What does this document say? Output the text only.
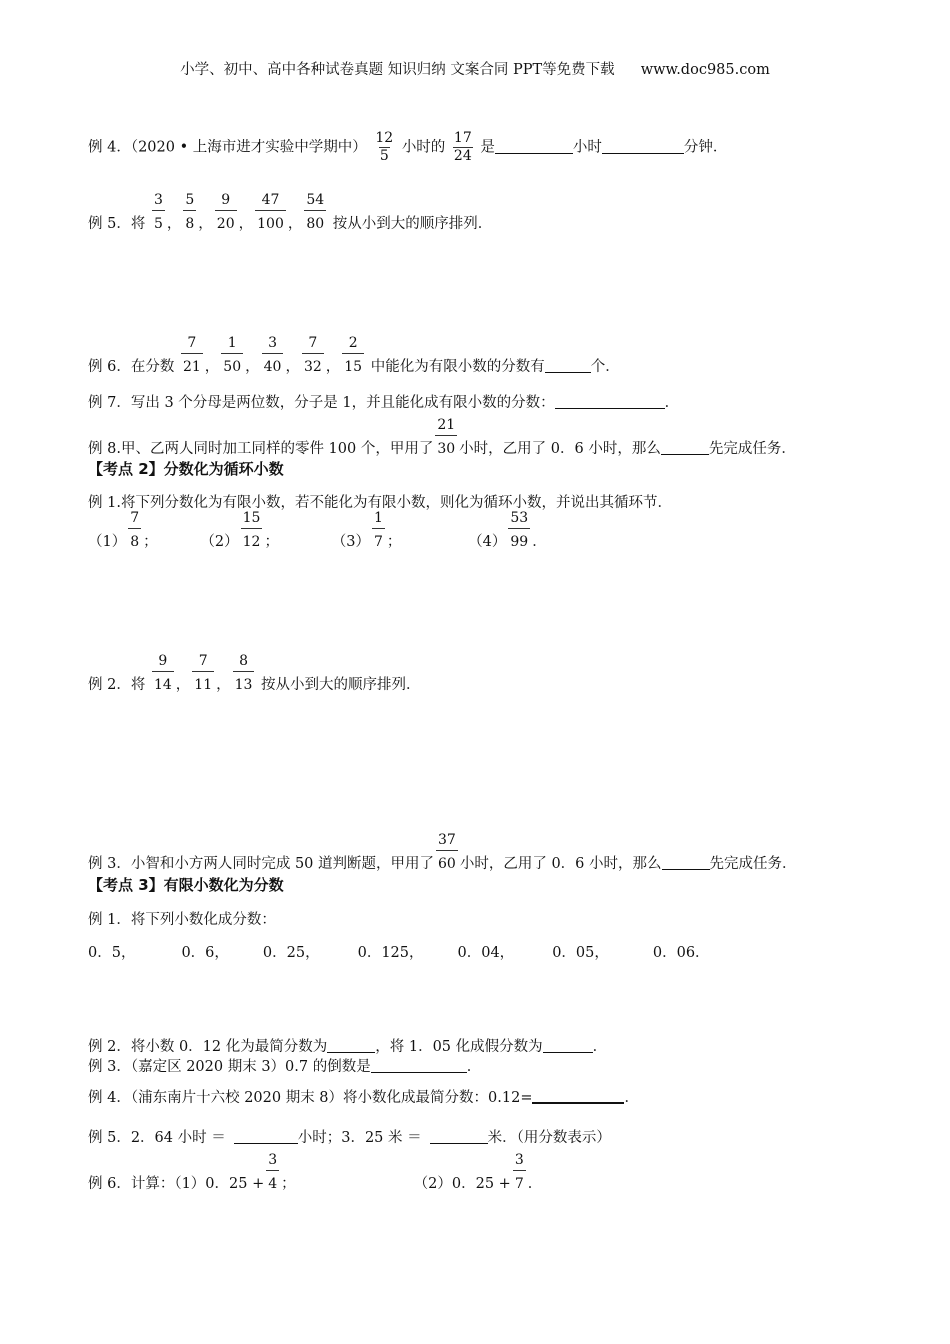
小学、初中、高中各种试卷真题 知识归纳 文案合同 PPT等免费下载 www.doc985.com
例 4．（2020 • 上海市进才实验中学期中） $\frac{12}{5}$ 小时的 $\frac{17}{24}$ 是	小时	分钟．
例 5．将
3
5 ，
5
8 ，
9
20 ，
47
100 ，
54
80 按从小到大的顺序排列．
例 6．在分数
7
21 ，
1
50 ，
3
40 ，
7
32 ，
2
15 中能化为有限小数的分数有	个．
例 7．写出 3 个分母是两位数，分子是 1，并且能化成有限小数的分数：	．
例 8.甲、乙两人同时加工同样的零件 100 个，甲用了
21
30 小时，乙用了 0．6 小时，那么	先完成任务．
【考点 2】分数化为循环小数
例 1.将下列分数化为有限小数，若不能化为有限小数，则化为循环小数，并说出其循环节．
（1）
7
8 ；	（2）
15
12 ；	（3）
1
7 ；	（4）
53
99 ．
例 2．将
9
14 ，
7
11 ，
8
13 按从小到大的顺序排列．
例 3．小智和小方两人同时完成 50 道判断题，甲用了
37
60 小时，乙用了 0．6 小时，那么	先完成任务．
【考点 3】有限小数化为分数
例 1．将下列小数化成分数：
0．5，	0．6， 0．25，	0．125， 0．04，	0．05，	0．06．
例 2．将小数 0．12 化为最简分数为	，将 1．05 化成假分数为	．
例 3．（嘉定区 2020 期末 3）0.7 的倒数是	．
例 4．（浦东南片十六校 2020 期末 8）将小数化成最简分数：0.12=	．
例 5．2．64 小时 ＝	小时；3．25 米 ＝	米．（用分数表示）
例 6．计算：（1）0．25 +
3
4 ；	（2）0．25 +
3
7 ．
